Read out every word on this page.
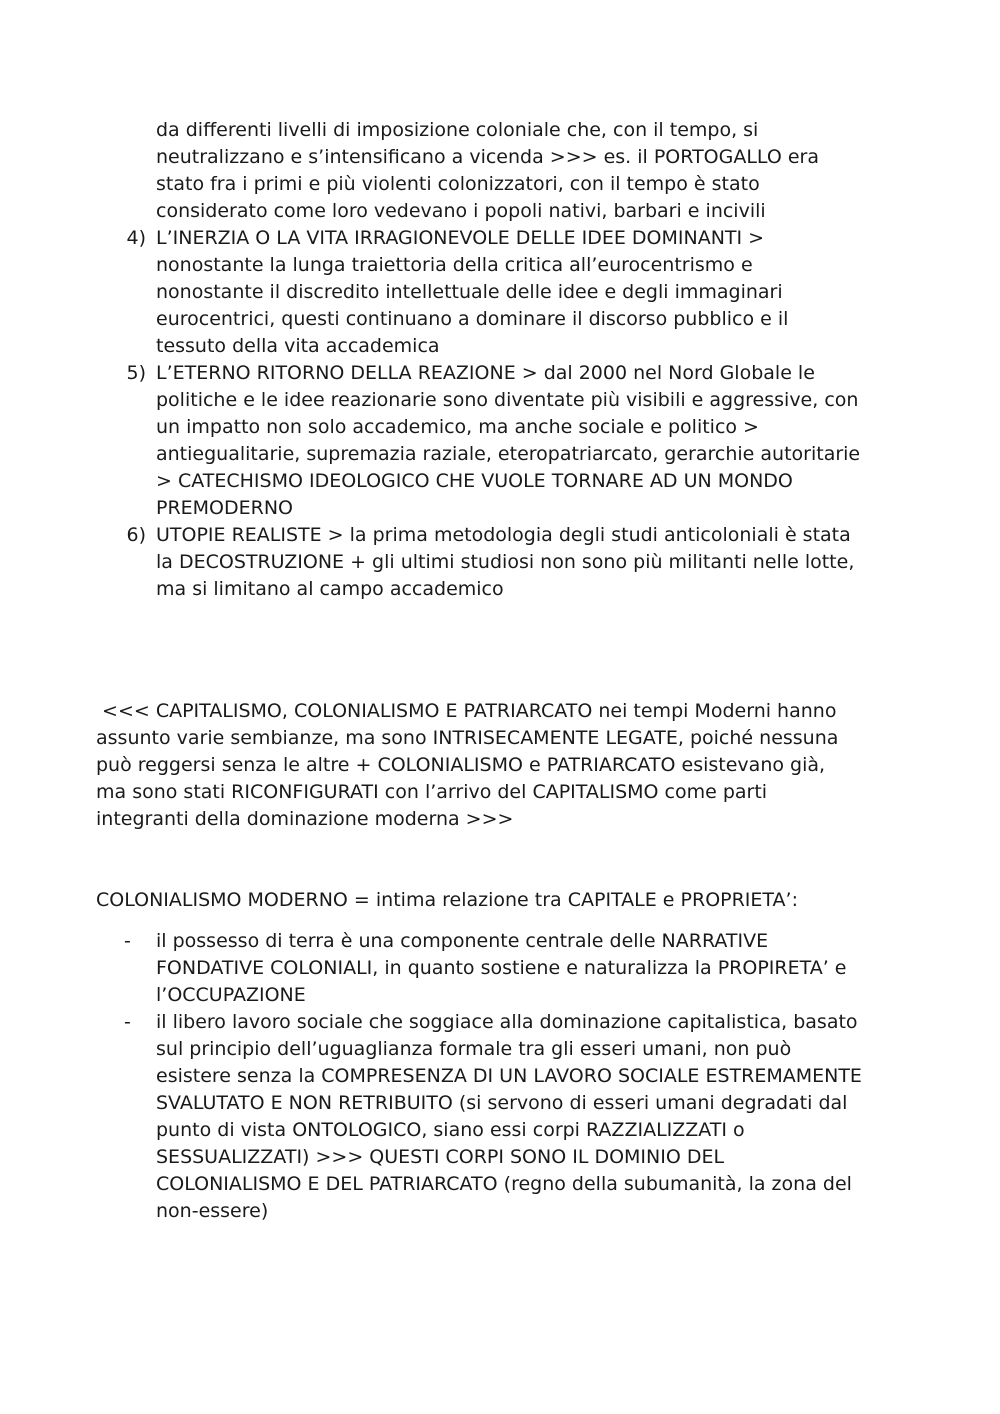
da differenti livelli di imposizione coloniale che, con il tempo, si
neutralizzano e s’intensificano a vicenda >>> es. il PORTOGALLO era
stato fra i primi e più violenti colonizzatori, con il tempo è stato
considerato come loro vedevano i popoli nativi, barbari e incivili
4) L’INERZIA O LA VITA IRRAGIONEVOLE DELLE IDEE DOMINANTI >
nonostante la lunga traiettoria della critica all’eurocentrismo e
nonostante il discredito intellettuale delle idee e degli immaginari
eurocentrici, questi continuano a dominare il discorso pubblico e il
tessuto della vita accademica
5) L’ETERNO RITORNO DELLA REAZIONE > dal 2000 nel Nord Globale le
politiche e le idee reazionarie sono diventate più visibili e aggressive, con
un impatto non solo accademico, ma anche sociale e politico >
antiegualitarie, supremazia raziale, eteropatriarcato, gerarchie autoritarie
> CATECHISMO IDEOLOGICO CHE VUOLE TORNARE AD UN MONDO
PREMODERNO
6) UTOPIE REALISTE > la prima metodologia degli studi anticoloniali è stata
la DECOSTRUZIONE + gli ultimi studiosi non sono più militanti nelle lotte,
ma si limitano al campo accademico
<<< CAPITALISMO, COLONIALISMO E PATRIARCATO nei tempi Moderni hanno
assunto varie sembianze, ma sono INTRISECAMENTE LEGATE, poiché nessuna
può reggersi senza le altre + COLONIALISMO e PATRIARCATO esistevano già,
ma sono stati RICONFIGURATI con l’arrivo del CAPITALISMO come parti
integranti della dominazione moderna >>>
COLONIALISMO MODERNO = intima relazione tra CAPITALE e PROPRIETA’:
-	il possesso di terra è una componente centrale delle NARRATIVE
FONDATIVE COLONIALI, in quanto sostiene e naturalizza la PROPIRETA’ e
l’OCCUPAZIONE
-	il libero lavoro sociale che soggiace alla dominazione capitalistica, basato
sul principio dell’uguaglianza formale tra gli esseri umani, non può
esistere senza la COMPRESENZA DI UN LAVORO SOCIALE ESTREMAMENTE
SVALUTATO E NON RETRIBUITO (si servono di esseri umani degradati dal
punto di vista ONTOLOGICO, siano essi corpi RAZZIALIZZATI o
SESSUALIZZATI) >>> QUESTI CORPI SONO IL DOMINIO DEL
COLONIALISMO E DEL PATRIARCATO (regno della subumanità, la zona del
non-essere)
